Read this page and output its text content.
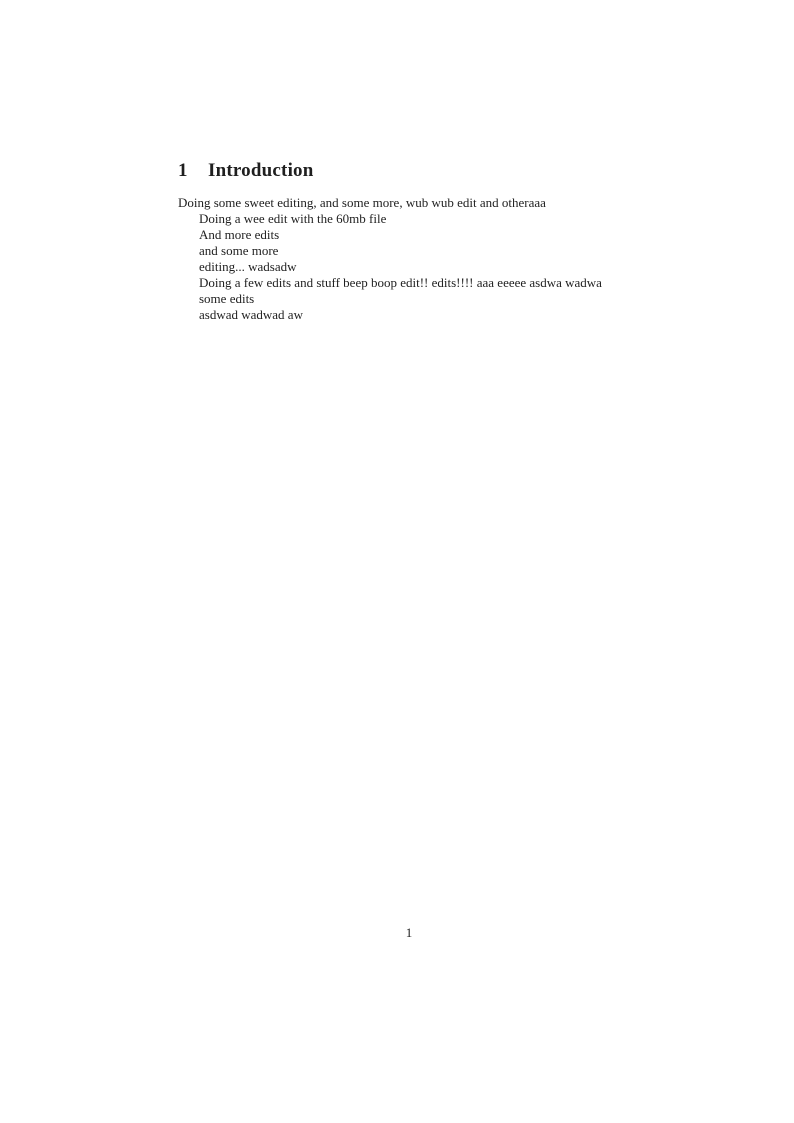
1 Introduction

Doing some sweet editing, and some more, wub wub edit and otheraaa

Doing a wee edit with the 60mb file

And more edits

and some more

editing... wadsadw

Doing a few edits and stuff beep boop edit!! edits!!!! aaa eeeee asdwa wadwa

some edits

asdwad wadwad aw

1
